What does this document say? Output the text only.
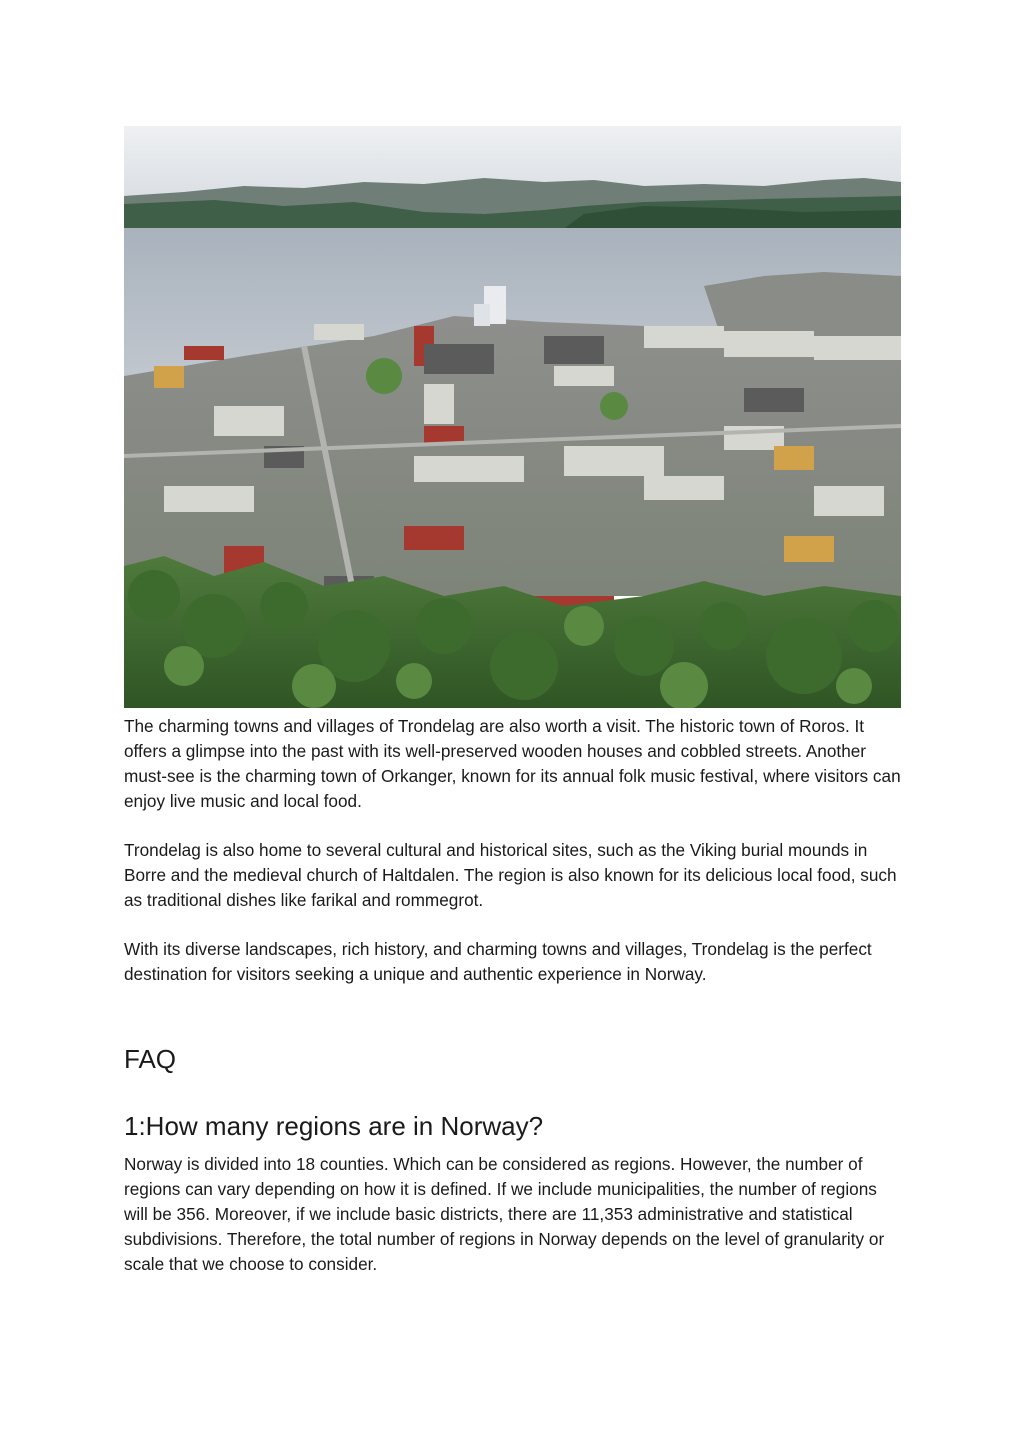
The charming towns and villages of Trondelag are also worth a visit. The historic town of Roros. It offers a glimpse into the past with its well-preserved wooden houses and cobbled streets. Another must-see is the charming town of Orkanger, known for its annual folk music festival, where visitors can enjoy live music and local food.

Trondelag is also home to several cultural and historical sites, such as the Viking burial mounds in Borre and the medieval church of Haltdalen. The region is also known for its delicious local food, such as traditional dishes like farikal and rommegrot.

With its diverse landscapes, rich history, and charming towns and villages, Trondelag is the perfect destination for visitors seeking a unique and authentic experience in Norway.

FAQ
1:How many regions are in Norway?

Norway is divided into 18 counties. Which can be considered as regions. However, the number of regions can vary depending on how it is defined. If we include municipalities, the number of regions will be 356. Moreover, if we include basic districts, there are 11,353 administrative and statistical subdivisions. Therefore, the total number of regions in Norway depends on the level of granularity or scale that we choose to consider.
